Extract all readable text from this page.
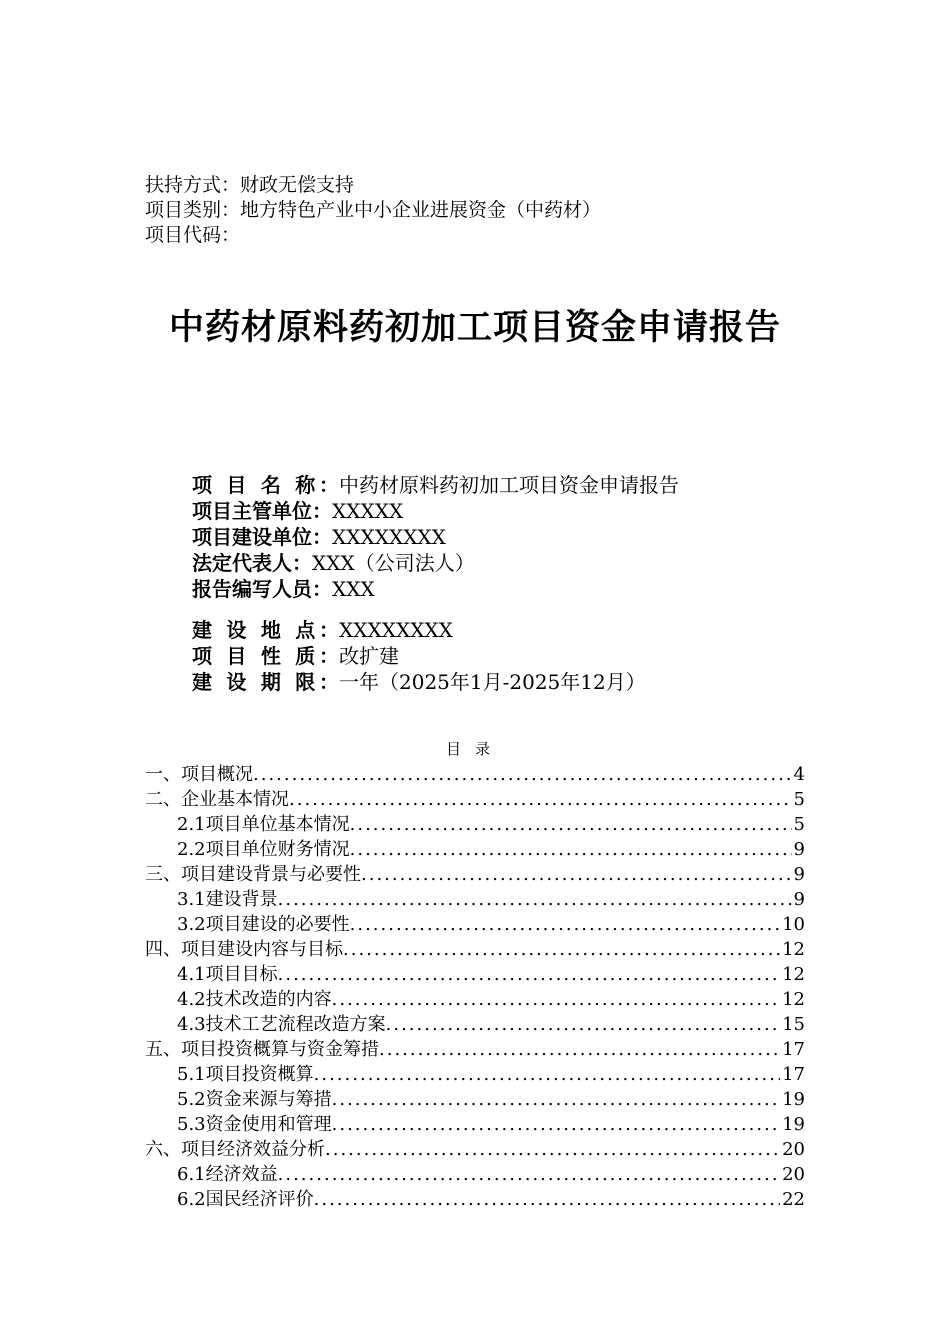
扶持方式：财政无偿支持
项目类别：地方特色产业中小企业进展资金（中药材）
项目代码：
中药材原料药初加工项目资金申请报告
项 目 名 称： 中药材原料药初加工项目资金申请报告
项目主管单位： XXXXX
项目建设单位： XXXXXXXX
法定代表人： XXX（公司法人）
报告编写人员： XXX
建 设 地 点： XXXXXXXX
项 目 性 质： 改扩建
建 设 期 限： 一年（2025年1月-2025年12月）
目录
一、项目概况 .....	4
二、企业基本情况 .....	5
2.1项目单位基本情况 .....	5
2.2项目单位财务情况 .....	9
三、项目建设背景与必要性 .....	9
3.1建设背景 .....	9
3.2项目建设的必要性 .....	10
四、项目建设内容与目标 .....	12
4.1项目目标 .....	12
4.2技术改造的内容 .....	12
4.3技术工艺流程改造方案 .....	15
五、项目投资概算与资金筹措 .....	17
5.1项目投资概算 .....	17
5.2资金来源与筹措 .....	19
5.3资金使用和管理 .....	19
六、项目经济效益分析 .....	20
6.1经济效益 .....	20
6.2国民经济评价 .....	22
